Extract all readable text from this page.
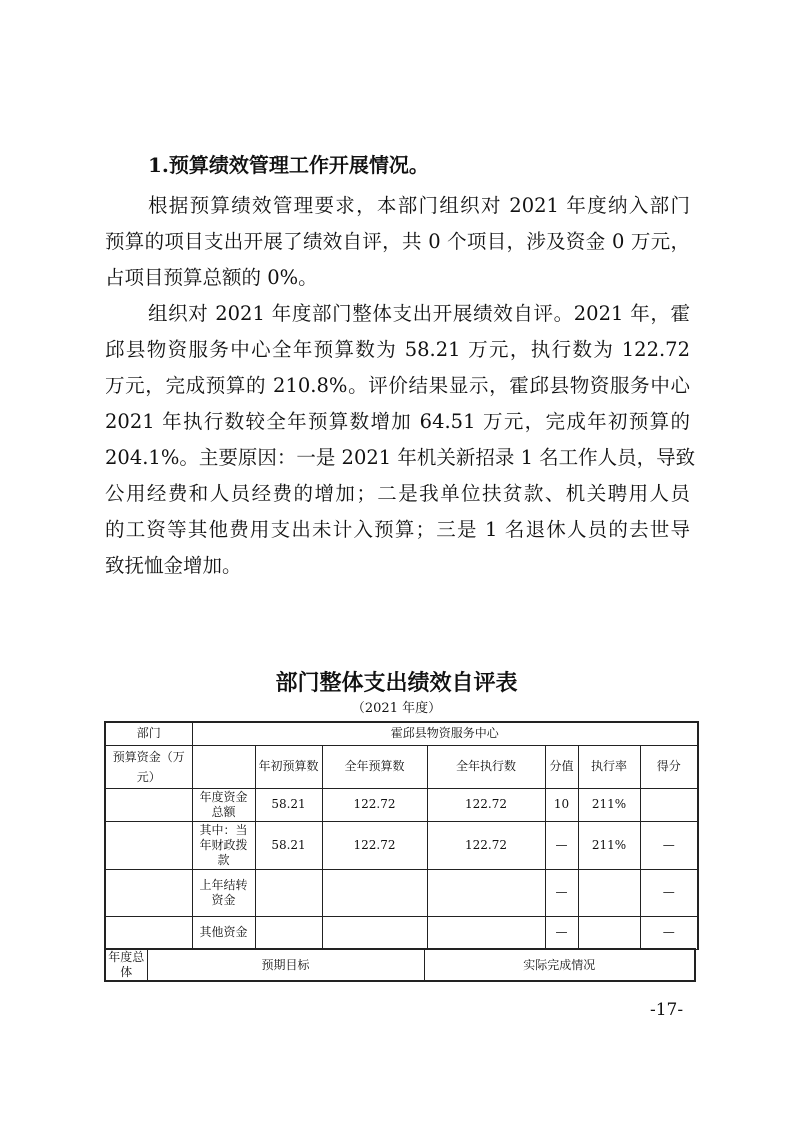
1.预算绩效管理工作开展情况。
根据预算绩效管理要求，本部门组织对 2021 年度纳入部门
预算的项目支出开展了绩效自评，共 0 个项目，涉及资金 0 万元，
占项目预算总额的 0%。
组织对 2021 年度部门整体支出开展绩效自评。2021 年，霍
邱县物资服务中心全年预算数为 58.21 万元，执行数为 122.72
万元，完成预算的 210.8%。评价结果显示，霍邱县物资服务中心
2021 年执行数较全年预算数增加 64.51 万元，完成年初预算的
204.1%。主要原因：一是 2021 年机关新招录 1 名工作人员，导致
公用经费和人员经费的增加；二是我单位扶贫款、机关聘用人员
的工资等其他费用支出未计入预算；三是 1 名退休人员的去世导
致抚恤金增加。
部门整体支出绩效自评表
（2021 年度）
部门	霍邱县物资服务中心						
预算资金（万元）		年初预算数	全年预算数	全年执行数	分值	执行率	得分
	年度资金总额	58.21	122.72	122.72	10	211%	
	其中：当年财政拨款	58.21	122.72	122.72	—	211%	—
	上年结转资金				—		—
	其他资金				—		—
年度总体	预期目标	实际完成情况
-17-
